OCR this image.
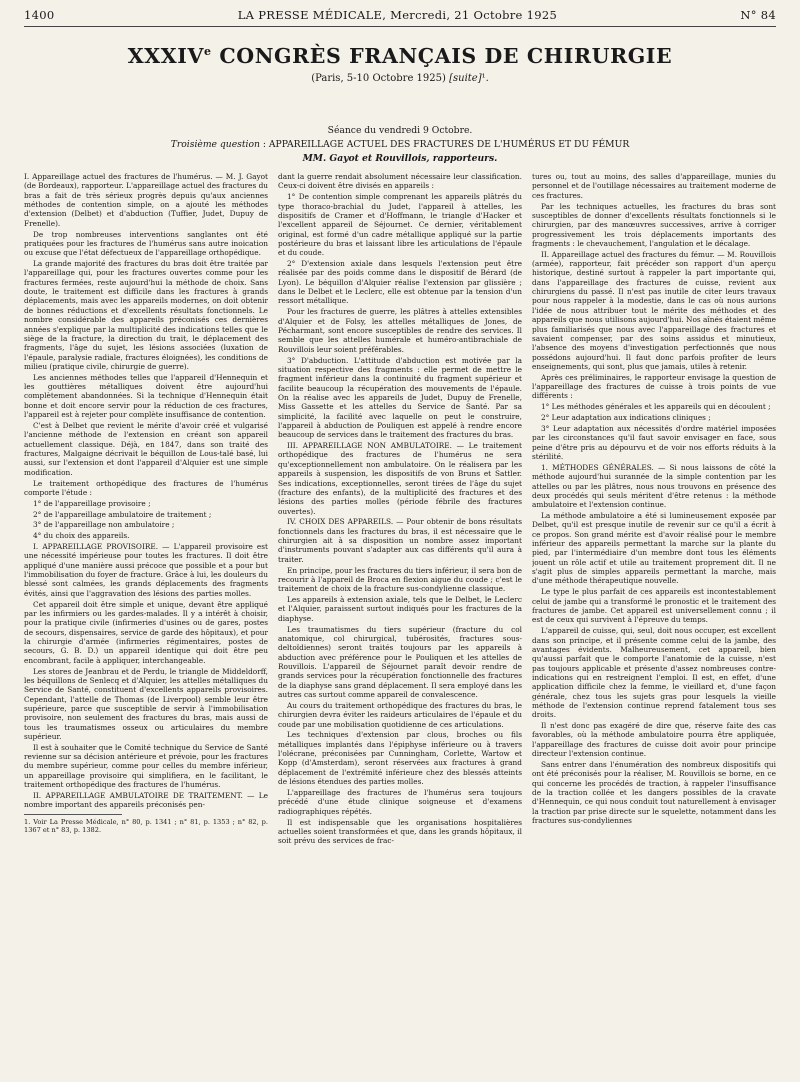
1400	LA PRESSE MÉDICALE, Mercredi, 21 Octobre 1925	N° 84
XXXIVe CONGRÈS FRANÇAIS DE CHIRURGIE
(Paris, 5-10 Octobre 1925) [suite]¹.
Séance du vendredi 9 Octobre.
Troisième question : APPAREILLAGE ACTUEL DES FRACTURES DE L'HUMÉRUS ET DU FÉMUR
MM. Gayot et Rouvillois, rapporteurs.

I. Appareillage actuel des fractures de l'humérus. — M. J. Gayot (de Bordeaux), rapporteur. L'appareillage actuel des fractures du bras a fait de très sérieux progrès depuis qu'aux anciennes méthodes de contention simple, on a ajouté les méthodes d'extension (Delbet) et d'abduction (Tuffier, Judet, Dupuy de Frenelle).

De trop nombreuses interventions sanglantes ont été pratiquées pour les fractures de l'humérus sans autre inoication ou excuse que l'état défectueux de l'appareillage orthopédique.

La grande majorité des fractures du bras doit être traitée par l'appareillage qui, pour les fractures ouvertes comme pour les fractures fermées, reste aujourd'hui la méthode de choix. Sans doute, le traitement est difficile dans les fractures à grands déplacements, mais avec les appareils modernes, on doit obtenir de bonnes réductions et d'excellents résultats fonctionnels. Le nombre considérable des appareils préconisés ces dernières années s'explique par la multiplicité des indications telles que le siège de la fracture, la direction du trait, le déplacement des fragments, l'âge du sujet, les lésions associées (luxation de l'épaule, paralysie radiale, fractures éloignées), les conditions de milieu (pratique civile, chirurgie de guerre).

Les anciennes méthodes telles que l'appareil d'Hennequin et les gouttières métalliques doivent être aujourd'hui complètement abandonnées. Si la technique d'Hennequin était bonne et doit encore servir pour la réduction de ces fractures, l'appareil est à rejeter pour complète insuffisance de contention.

C'est à Delbet que revient le mérite d'avoir créé et vulgarisé l'ancienne méthode de l'extension en créant son appareil actuellement classique. Déjà, en 1847, dans son traité des fractures, Malgaigne décrivait le béquillon de Lous-talé basé, lui aussi, sur l'extension et dont l'appareil d'Alquier est une simple modification.

Le traitement orthopédique des fractures de l'humérus comporte l'étude :

1° de l'appareillage provisoire ;

2° de l'appareillage ambulatoire de traitement ;

3° de l'appareillage non ambulatoire ;

4° du choix des appareils.

I. APPAREILLAGE PROVISOIRE. — L'appareil provisoire est une nécessité impérieuse pour toutes les fractures. Il doit être appliqué d'une manière aussi précoce que possible et a pour but l'immobilisation du foyer de fracture. Grâce à lui, les douleurs du blessé sont calmées, les grands déplacements des fragments évités, ainsi que l'aggravation des lésions des parties molles.

Cet appareil doit être simple et unique, devant être appliqué par les infirmiers ou les gardes-malades. Il y a intérêt à choisir, pour la pratique civile (infirmeries d'usines ou de gares, postes de secours, dispensaires, service de garde des hôpitaux), et pour la chirurgie d'armée (infirmeries régimentaires, postes de secours, G. B. D.) un appareil identique qui doit être peu encombrant, facile à appliquer, interchangeable.

Les stores de Jeanbrau et de Perdu, le triangle de Middeldorff, les béquillons de Senlecq et d'Alquier, les attelles métalliques du Service de Santé, constituent d'excellents appareils provisoires. Cependant, l'attelle de Thomas (de Liverpool) semble leur être supérieure, parce que susceptible de servir à l'immobilisation provisoire, non seulement des fractures du bras, mais aussi de tous les traumatismes osseux ou articulaires du membre supérieur.

Il est à souhaiter que le Comité technique du Service de Santé revienne sur sa décision antérieure et prévoie, pour les fractures du membre supérieur, comme pour celles du membre inférieur, un appareillage provisoire qui simplifiera, en le facilitant, le traitement orthopédique des fractures de l'humérus.

II. APPAREILLAGE AMBULATOIRE DE TRAITEMENT. — Le nombre important des appareils préconisés pen-

1. Voir La Presse Médicale, n° 80, p. 1341 ; n° 81, p. 1353 ; n° 82, p. 1367 et n° 83, p. 1382.

dant la guerre rendait absolument nécessaire leur classification. Ceux-ci doivent être divisés en appareils :

1° De contention simple comprenant les appareils plâtrés du type thoraco-brachial du Judet, l'appareil à attelles, les dispositifs de Cramer et d'Hoffmann, le triangle d'Hacker et l'excellent appareil de Séjournet. Ce dernier, véritablement original, est formé d'un cadre métallique appliqué sur la partie postérieure du bras et laissant libre les articulations de l'épaule et du coude.

2° D'extension axiale dans lesquels l'extension peut être réalisée par des poids comme dans le dispositif de Bérard (de Lyon). Le béquillon d'Alquier réalise l'extension par glissière ; dans le Delbet et le Leclerc, elle est obtenue par la tension d'un ressort métallique.

Pour les fractures de guerre, les plâtres à attelles extensibles d'Alquier et de Folsy, les attelles métalliques de Jones, de Pécharmant, sont encore susceptibles de rendre des services. Il semble que les attelles humérale et huméro-antibrachiale de Rouvillois leur soient préférables.

3° D'abduction. L'attitude d'abduction est motivée par la situation respective des fragments : elle permet de mettre le fragment inférieur dans la continuité du fragment supérieur et facilite beaucoup la récupération des mouvements de l'épaule. On la réalise avec les appareils de Judet, Dupuy de Frenelle, Miss Gassette et les attelles du Service de Santé. Par sa simplicité, la facilité avec laquelle on peut le construire, l'appareil à abduction de Pouliquen est appelé à rendre encore beaucoup de services dans le traitement des fractures du bras.

III. APPAREILLAGE NON AMBULATOIRE. — Le traitement orthopédique des fractures de l'humérus ne sera qu'exceptionnellement non ambulatoire. On le réalisera par les appareils à suspension, les dispositifs de von Bruns et Sattler. Ses indications, exceptionnelles, seront tirées de l'âge du sujet (fracture des enfants), de la multiplicité des fractures et des lésions des parties molles (période fébrile des fractures ouvertes).

IV. CHOIX DES APPAREILS. — Pour obtenir de bons résultats fonctionnels dans les fractures du bras, il est nécessaire que le chirurgien ait à sa disposition un nombre assez important d'instruments pouvant s'adapter aux cas différents qu'il aura à traiter.

En principe, pour les fractures du tiers inférieur, il sera bon de recourir à l'appareil de Broca en flexion aigue du coude ; c'est le traitement de choix de la fracture sus-condylienne classique.

Les appareils à extension axiale, tels que le Delbet, le Leclerc et l'Alquier, paraissent surtout indiqués pour les fractures de la diaphyse.

Les traumatismes du tiers supérieur (fracture du col anatomique, col chirurgical, tubérosités, fractures sous-deltoïdiennes) seront traités toujours par les appareils à abduction avec préférence pour le Pouliquen et les attelles de Rouvillois. L'appareil de Séjournet paraît devoir rendre de grands services pour la récupération fonctionnelle des fractures de la diaphyse sans grand déplacement. Il sera employé dans les autres cas surtout comme appareil de convalescence.

Au cours du traitement orthopédique des fractures du bras, le chirurgien devra éviter les raideurs articulaires de l'épaule et du coude par une mobilisation quotidienne de ces articulations.

Les techniques d'extension par clous, broches ou fils métalliques implantés dans l'épiphyse inférieure ou à travers l'olécrane, préconisées par Cunningham, Corlette, Wartow et Kopp (d'Amsterdam), seront réservées aux fractures à grand déplacement de l'extrémité inférieure chez des blessés atteints de lésions étendues des parties molles.

L'appareillage des fractures de l'humérus sera toujours précédé d'une étude clinique soigneuse et d'examens radiographiques répétés.

Il est indispensable que les organisations hospitalières actuelles soient transformées et que, dans les grands hôpitaux, il soit prévu des services de frac-

tures ou, tout au moins, des salles d'appareillage, munies du personnel et de l'outillage nécessaires au traitement moderne de ces fractures.

Par les techniques actuelles, les fractures du bras sont susceptibles de donner d'excellents résultats fonctionnels si le chirurgien, par des manœuvres successives, arrive à corriger progressivement les trois déplacements importants des fragments : le chevauchement, l'angulation et le décalage.

II. Appareillage actuel des fractures du fémur. — M. Rouvillois (armée), rapporteur, fait précéder son rapport d'un aperçu historique, destiné surtout à rappeler la part importante qui, dans l'appareillage des fractures de cuisse, revient aux chirurgiens du passé. Il n'est pas inutile de citer leurs travaux pour nous rappeler à la modestie, dans le cas où nous aurions l'idée de nous attribuer tout le mérite des méthodes et des appareils que nous utilisons aujourd'hui. Nos aînés étaient même plus familiarisés que nous avec l'appareillage des fractures et savaient compenser, par des soins assidus et minutieux, l'absence des moyens d'investigation perfectionnés que nous possédons aujourd'hui. Il faut donc parfois profiter de leurs enseignements, qui sont, plus que jamais, utiles à retenir.

Après ces préliminaires, le rapporteur envisage la question de l'appareillage des fractures de cuisse à trois points de vue différents :

1° Les méthodes générales et les appareils qui en découlent ;

2° Leur adaptation aux indications cliniques ;

3° Leur adaptation aux nécessités d'ordre matériel imposées par les circonstances qu'il faut savoir envisager en face, sous peine d'être pris au dépourvu et de voir nos efforts réduits à la stérilité.

1. MÉTHODES GÉNÉRALES. — Si nous laissons de côté la méthode aujourd'hui surannée de la simple contention par les attelles ou par les plâtres, nous nous trouvons en présence des deux procédés qui seuls méritent d'être retenus : la méthode ambulatoire et l'extension continue.

La méthode ambulatoire a été si lumineusement exposée par Delbet, qu'il est presque inutile de revenir sur ce qu'il a écrit à ce propos. Son grand mérite est d'avoir réalisé pour le membre inférieur des appareils permettant la marche sur la plante du pied, par l'intermédiaire d'un membre dont tous les éléments jouent un rôle actif et utile au traitement proprement dit. Il ne s'agit plus de simples appareils permettant la marche, mais d'une méthode thérapeutique nouvelle.

Le type le plus parfait de ces appareils est incontestablement celui de jambe qui a transformé le pronostic et le traitement des fractures de jambe. Cet appareil est universellement connu ; il est de ceux qui survivent à l'épreuve du temps.

L'appareil de cuisse, qui, seul, doit nous occuper, est excellent dans son principe, et il présente comme celui de la jambe, des avantages évidents. Malheureusement, cet appareil, bien qu'aussi parfait que le comporte l'anatomie de la cuisse, n'est pas toujours applicable et présente d'assez nombreuses contre-indications qui en restreignent l'emploi. Il est, en effet, d'une application difficile chez la femme, le vieillard et, d'une façon générale, chez tous les sujets gras pour lesquels la vieille méthode de l'extension continue reprend fatalement tous ses droits.

Il n'est donc pas exagéré de dire que, réserve faite des cas favorables, où la méthode ambulatoire pourra être appliquée, l'appareillage des fractures de cuisse doit avoir pour principe directeur l'extension continue.

Sans entrer dans l'énumération des nombreux dispositifs qui ont été préconisés pour la réaliser, M. Rouvillois se borne, en ce qui concerne les procédés de traction, à rappeler l'insuffisance de la traction collée et les dangers possibles de la cravate d'Hennequin, ce qui nous conduit tout naturellement à envisager la traction par prise directe sur le squelette, notamment dans les fractures sus-condyliennes
